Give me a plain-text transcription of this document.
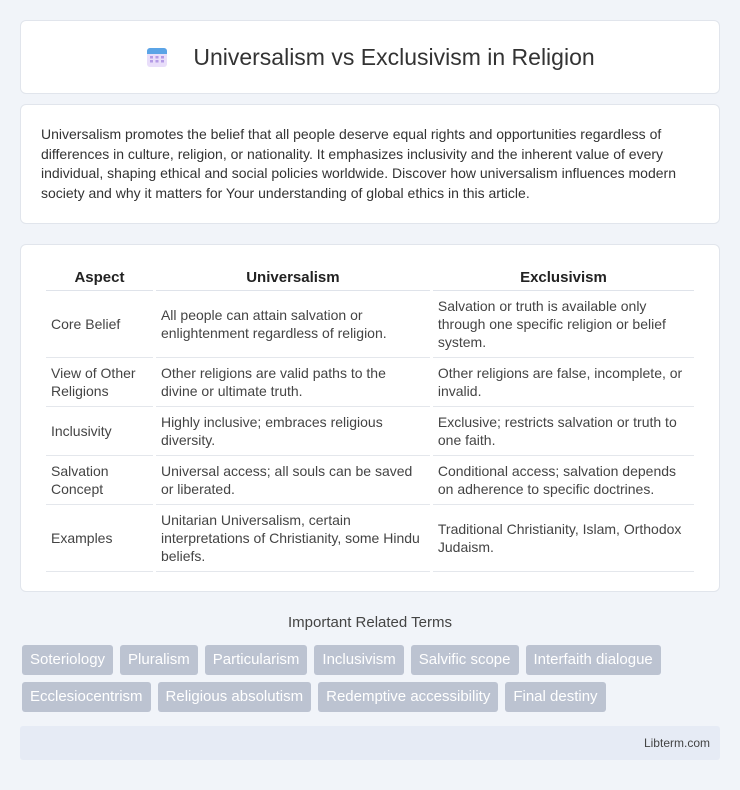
Universalism vs Exclusivism in Religion

Universalism promotes the belief that all people deserve equal rights and opportunities regardless of differences in culture, religion, or nationality. It emphasizes inclusivity and the inherent value of every individual, shaping ethical and social policies worldwide. Discover how universalism influences modern society and why it matters for Your understanding of global ethics in this article.

Aspect	Universalism	Exclusivism
Core Belief	All people can attain salvation or enlightenment regardless of religion.	Salvation or truth is available only through one specific religion or belief system.
View of Other Religions	Other religions are valid paths to the divine or ultimate truth.	Other religions are false, incomplete, or invalid.
Inclusivity	Highly inclusive; embraces religious diversity.	Exclusive; restricts salvation or truth to one faith.
Salvation Concept	Universal access; all souls can be saved or liberated.	Conditional access; salvation depends on adherence to specific doctrines.
Examples	Unitarian Universalism, certain interpretations of Christianity, some Hindu beliefs.	Traditional Christianity, Islam, Orthodox Judaism.
Important Related Terms
Soteriology	Pluralism	Particularism	Inclusivism	Salvific scope	Interfaith dialogue
Ecclesiocentrism	Religious absolutism	Redemptive accessibility	Final destiny
Libterm.com
